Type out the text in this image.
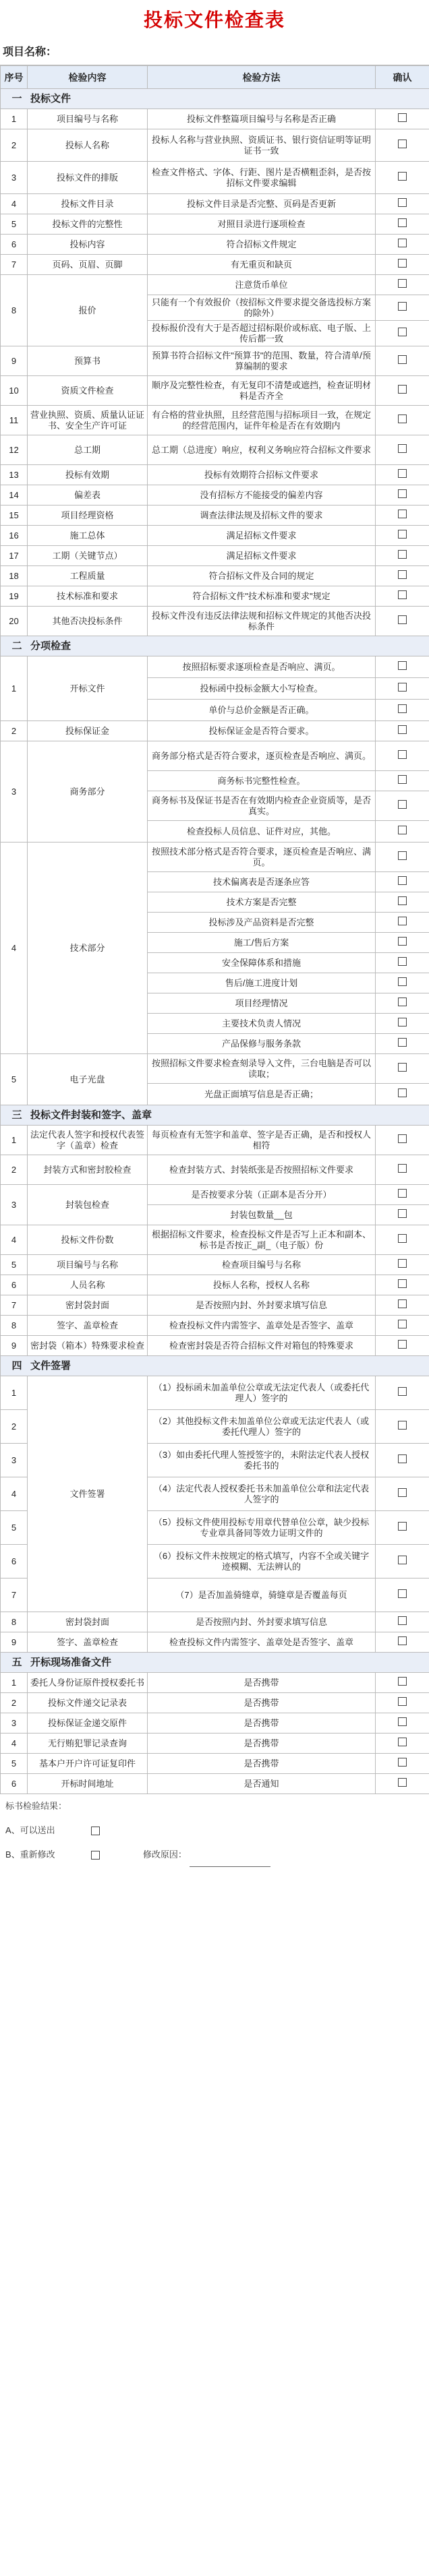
投标文件检查表
项目名称：
序号	检验内容	检验方法	确认
一 投标文件			
1	项目编号与名称	投标文件整篇项目编号与名称是否正确	
2	投标人名称	投标人名称与营业执照、资质证书、银行资信证明等证明证书一致	
3	投标文件的排版	检查文件格式、字体、行距、图片是否横粗歪斜，是否按招标文件要求编辑	
4	投标文件目录	投标文件目录是否完整、页码是否更新	
5	投标文件的完整性	对照目录进行逐项检查	
6	投标内容	符合招标文件规定	
7	页码、页眉、页脚	有无重页和缺页	
8	报价	注意货币单位	
		只能有一个有效报价（按招标文件要求提交备选投标方案的除外）	
		投标报价没有大于是否超过招标限价或标底、电子版、上传后都一致	
9	预算书	预算书符合招标文件"预算书"的范围、数量，符合清单/预算编制的要求	
10	资质文件检查	顺序及完整性检查，有无复印不清楚或遮挡，检查证明材料是否齐全	
11	营业执照、资质、质量认证证书、安全生产许可证	有合格的营业执照，且经营范围与招标项目一致，在规定的经营范围内，证件年检是否在有效期内	
12	总工期	总工期（总进度）响应，权利义务响应符合招标文件要求	
13	投标有效期	投标有效期符合招标文件要求	
14	偏差表	没有招标方不能接受的偏差内容	
15	项目经理资格	调查法律法规及招标文件的要求	
16	施工总体	满足招标文件要求	
17	工期（关键节点）	满足招标文件要求	
18	工程质量	符合招标文件及合同的规定	
19	技术标准和要求	符合招标文件"技术标准和要求"规定	
20	其他否决投标条件	投标文件没有违反法律法规和招标文件规定的其他否决投标条件	
二 分项检查			
1	开标文件	按照招标要求逐项检查是否响应、满页。	
		投标函中投标金额大小写检查。	
		单价与总价金额是否正确。	
2	投标保证金	投标保证金是否符合要求。	
3	商务部分	商务部分格式是否符合要求，逐页检查是否响应、满页。	
		商务标书完整性检查。	
		商务标书及保证书是否在有效期内检查企业资质等，是否真实。	
		检查投标人员信息、证件对应，其他。	
4	技术部分	按照技术部分格式是否符合要求，逐页检查是否响应、满页。	
		技术偏离表是否逐条应答	
		技术方案是否完整	
		投标涉及产品资料是否完整	
		施工/售后方案	
		安全保障体系和措施	
		售后/施工进度计划	
		项目经理情况	
		主要技术负责人情况	
		产品保修与服务条款	
5	电子光盘	按照招标文件要求检查刻录导入文件，三台电脑是否可以读取；	
		光盘正面填写信息是否正确；	
三 投标文件封装和签字、盖章			
1	法定代表人签字和授权代表签字（盖章）检查	每页检查有无签字和盖章、签字是否正确，是否和授权人相符	
2	封装方式和密封胶检查	检查封装方式、封装纸张是否按照招标文件要求	
3	封装包检查	是否按要求分装（正副本是否分开）	
		封装包数量__包	
4	投标文件份数	根据招标文件要求，检查投标文件是否写上正本和副本、标书是否按正_副_（电子版）份	
5	项目编号与名称	检查项目编号与名称	
6	人员名称	投标人名称，授权人名称	
7	密封袋封面	是否按照内封、外封要求填写信息	
8	签字、盖章检查	检查投标文件内需签字、盖章处是否签字、盖章	
9	密封袋（箱本）特殊要求检查	检查密封袋是否符合招标文件对箱包的特殊要求	
四 文件签署			
1	文件签署	（1）投标函未加盖单位公章或无法定代表人（或委托代理人）签字的	
2		（2）其他投标文件未加盖单位公章或无法定代表人（或委托代理人）签字的	
3		（3）如由委托代理人签授签字的，未附法定代表人授权委托书的	
4		（4）法定代表人授权委托书未加盖单位公章和法定代表人签字的	
5		（5）投标文件使用投标专用章代替单位公章，缺少投标专业章具备同等效力证明文件的	
6		（6）投标文件未按规定的格式填写，内容不全或关键字迹模糊、无法辨认的	
7		（7）是否加盖骑缝章，骑缝章是否覆盖每页	
8	密封袋封面	是否按照内封、外封要求填写信息	
9	签字、盖章检查	检查投标文件内需签字、盖章处是否签字、盖章	
五 开标现场准备文件			
1	委托人身份证原件授权委托书	是否携带	
2	投标文件递交记录表	是否携带	
3	投标保证金递交原件	是否携带	
4	无行贿犯罪记录查询	是否携带	
5	基本户开户许可证复印件	是否携带	
6	开标时间地址	是否通知	
标书检验结果：
A、可以送出
B、重新修改	修改原因：
